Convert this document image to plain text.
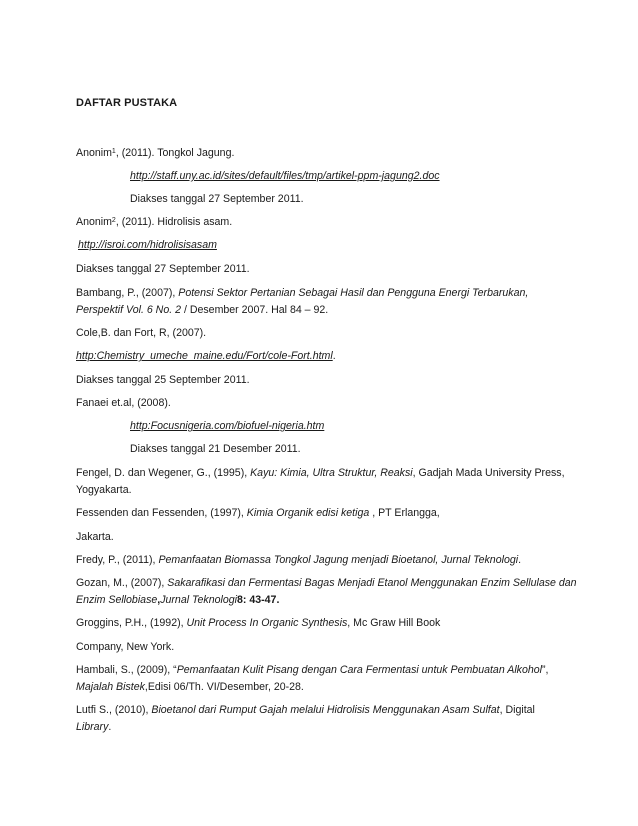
DAFTAR PUSTAKA
Anonim$^1$, (2011). Tongkol Jagung.
http://staff.uny.ac.id/sites/default/files/tmp/artikel-ppm-jagung2.doc
Diakses tanggal 27 September 2011.
Anonim$^2$, (2011). Hidrolisis asam.
http://isroi.com/hidrolisisasam
Diakses tanggal 27 September 2011.
Bambang, P., (2007), Potensi Sektor Pertanian Sebagai Hasil dan Pengguna Energi Terbarukan,
Perspektif Vol. 6 No. 2 / Desember 2007. Hal 84 – 92.
Cole,B. dan Fort, R, (2007).
http:Chemistry_umeche_maine.edu/Fort/cole-Fort.html.
Diakses tanggal 25 September 2011.
Fanaei et.al, (2008).
http:Focusnigeria.com/biofuel-nigeria.htm
Diakses tanggal 21 Desember 2011.
Fengel, D. dan Wegener, G., (1995), Kayu: Kimia, Ultra Struktur, Reaksi, Gadjah Mada University Press,
Yogyakarta.
Fessenden dan Fessenden, (1997), Kimia Organik edisi ketiga , PT Erlangga,
Jakarta.
Fredy, P., (2011), Pemanfaatan Biomassa Tongkol Jagung menjadi Bioetanol, Jurnal Teknologi.
Gozan, M., (2007), Sakarafikasi dan Fermentasi Bagas Menjadi Etanol Menggunakan Enzim Sellulase dan
Enzim Sellobiase,Jurnal Teknologi8: 43-47.
Groggins, P.H., (1992), Unit Process In Organic Synthesis, Mc Graw Hill Book
Company, New York.
Hambali, S., (2009), “Pemanfaatan Kulit Pisang dengan Cara Fermentasi untuk Pembuatan Alkohol”,
Majalah Bistek,Edisi 06/Th. VI/Desember, 20-28.
Lutfi S., (2010), Bioetanol dari Rumput Gajah melalui Hidrolisis Menggunakan Asam Sulfat, Digital
Library.
